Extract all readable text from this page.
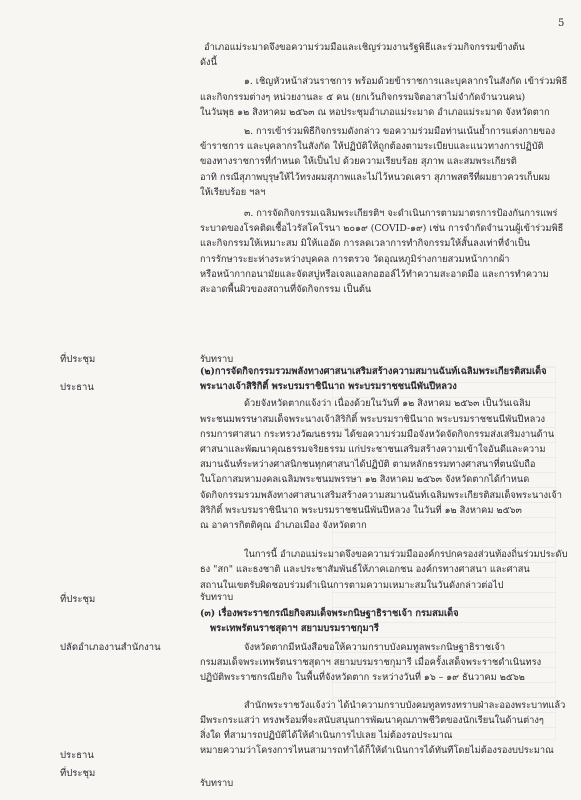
5

อำเภอแม่ระมาดจึงขอความร่วมมือและเชิญร่วมงานรัฐพิธีและร่วมกิจกรรมข้างต้น

ดังนี้

๑. เชิญหัวหน้าส่วนราชการ พร้อมด้วยข้าราชการและบุคลากรในสังกัด เข้าร่วมพิธี

และกิจกรรมต่างๆ หน่วยงานละ ๕ คน (ยกเว้นกิจกรรมจิตอาสาไม่จำกัดจำนวนคน)

ในวันพุธ ๑๒ สิงหาคม ๒๕๖๓ ณ หอประชุมอำเภอแม่ระมาด อำเภอแม่ระมาด จังหวัดตาก

๒. การเข้าร่วมพิธีกิจกรรมดังกล่าว ขอความร่วมมือท่านเน้นย้ำการแต่งกายของ

ข้าราชการ และบุคลากรในสังกัด ให้ปฏิบัติให้ถูกต้องตามระเบียบและแนวทางการปฏิบัติ

ของทางราชการที่กำหนด ให้เป็นไป ด้วยความเรียบร้อย สุภาพ และสมพระเกียรติ

อาทิ กรณีสุภาพบุรุษให้ไว้ทรงผมสุภาพและไม่ไว้หนวดเครา สุภาพสตรีที่ผมยาวควรเก็บผม

ให้เรียบร้อย ฯลฯ

๓. การจัดกิจกรรมเฉลิมพระเกียรติฯ จะดำเนินการตามมาตรการป้องกันการแพร่

ระบาดของโรคติดเชื้อไวรัสโคโรนา ๒๐๑๙ (COVID-๑๙) เช่น การจำกัดจำนวนผู้เข้าร่วมพิธี

และกิจกรรมให้เหมาะสม มิให้แออัด การลดเวลาการทำกิจกรรมให้สั้นลงเท่าที่จำเป็น

การรักษาระยะห่างระหว่างบุคคล การตรวจ วัดอุณหภูมิร่างกายสวมหน้ากากผ้า

หรือหน้ากากอนามัยและจัดสบู่หรือเจลแอลกอฮอล์ไว้ทำความสะอาดมือ และการทำความ

สะอาดพื้นผิวของสถานที่จัดกิจกรรม เป็นต้น

ที่ประชุม	รับทราบ
ประธาน

(๒)การจัดกิจกรรมรวมพลังทางศาสนาเสริมสร้างความสมานฉันท์เฉลิมพระเกียรติสมเด็จ

พระนางเจ้าสิริกิติ์ พระบรมราชินีนาถ พระบรมราชชนนีพันปีหลวง

ด้วยจังหวัดตากแจ้งว่า เนื่องด้วยในวันที่ ๑๒ สิงหาคม ๒๕๖๓ เป็นวันเฉลิม

พระชนมพรรษาสมเด็จพระนางเจ้าสิริกิติ์ พระบรมราชินีนาถ พระบรมราชชนนีพันปีหลวง

กรมการศาสนา กระทรวงวัฒนธรรม ได้ขอความร่วมมือจังหวัดจัดกิจกรรมส่งเสริมงานด้าน

ศาสนาและพัฒนาคุณธรรมจริยธรรม แก่ประชาชนเสริมสร้างความเข้าใจอันดีและความ

สมานฉันท์ระหว่างศาสนิกชนทุกศาสนาได้ปฏิบัติ ตามหลักธรรมทางศาสนาที่ตนนับถือ

ในโอกาสมหามงคลเฉลิมพระชนมพรรษา ๑๒ สิงหาคม ๒๕๖๓ จังหวัดตากได้กำหนด

จัดกิจกรรมรวมพลังทางศาสนาเสริมสร้างความสมานฉันท์เฉลิมพระเกียรติสมเด็จพระนางเจ้า

สิริกิติ์ พระบรมราชินีนาถ พระบรมราชชนนีพันปีหลวง ในวันที่ ๑๒ สิงหาคม ๒๕๖๓

ณ อาคารกิตติคุณ อำเภอเมือง จังหวัดตาก

ในการนี้ อำเภอแม่ระมาดจึงขอความร่วมมือองค์กรปกครองส่วนท้องถิ่นร่วมประดับ

ธง "สก" และธงชาติ และประชาสัมพันธ์ให้ภาคเอกชน องค์กรทางศาสนา และศาสน

สถานในเขตรับผิดชอบร่วมดำเนินการตามความเหมาะสมในวันดังกล่าวต่อไป

ที่ประชุม	รับทราบ

(๓) เรื่องพระราชกรณียกิจสมเด็จพระกนิษฐาธิราชเจ้า กรมสมเด็จ

พระเทพรัตนราชสุดาฯ สยามบรมราชกุมารี

ปลัดอำเภองานสำนักงาน	จังหวัดตากมีหนังสือขอให้ความกราบบังคมทูลพระกนิษฐาธิราชเจ้า

กรมสมเด็จพระเทพรัตนราชสุดาฯ สยามบรมราชกุมารี เมื่อครั้งเสด็จพระราชดำเนินทรง

ปฏิบัติพระราชกรณียกิจ ในพื้นที่จังหวัดตาก ระหว่างวันที่ ๑๖ – ๑๙ ธันวาคม ๒๕๖๒

สำนักพระราชวังแจ้งว่า ได้นำความกราบบังคมทูลทรงทราบฝ่าละอองพระบาทแล้ว

มีพระกระแสว่า ทรงพร้อมที่จะสนับสนุนการพัฒนาคุณภาพชีวิตของนักเรียนในด้านต่างๆ

สิ่งใด ที่สามารถปฏิบัติได้ให้ดำเนินการไปเลย ไม่ต้องรอประมาณ

หมายความว่าโครงการไหนสามารถทำได้ก็ให้ดำเนินการได้ทันทีโดยไม่ต้องรองบประมาณ

ประธาน
ที่ประชุม
รับทราบ
